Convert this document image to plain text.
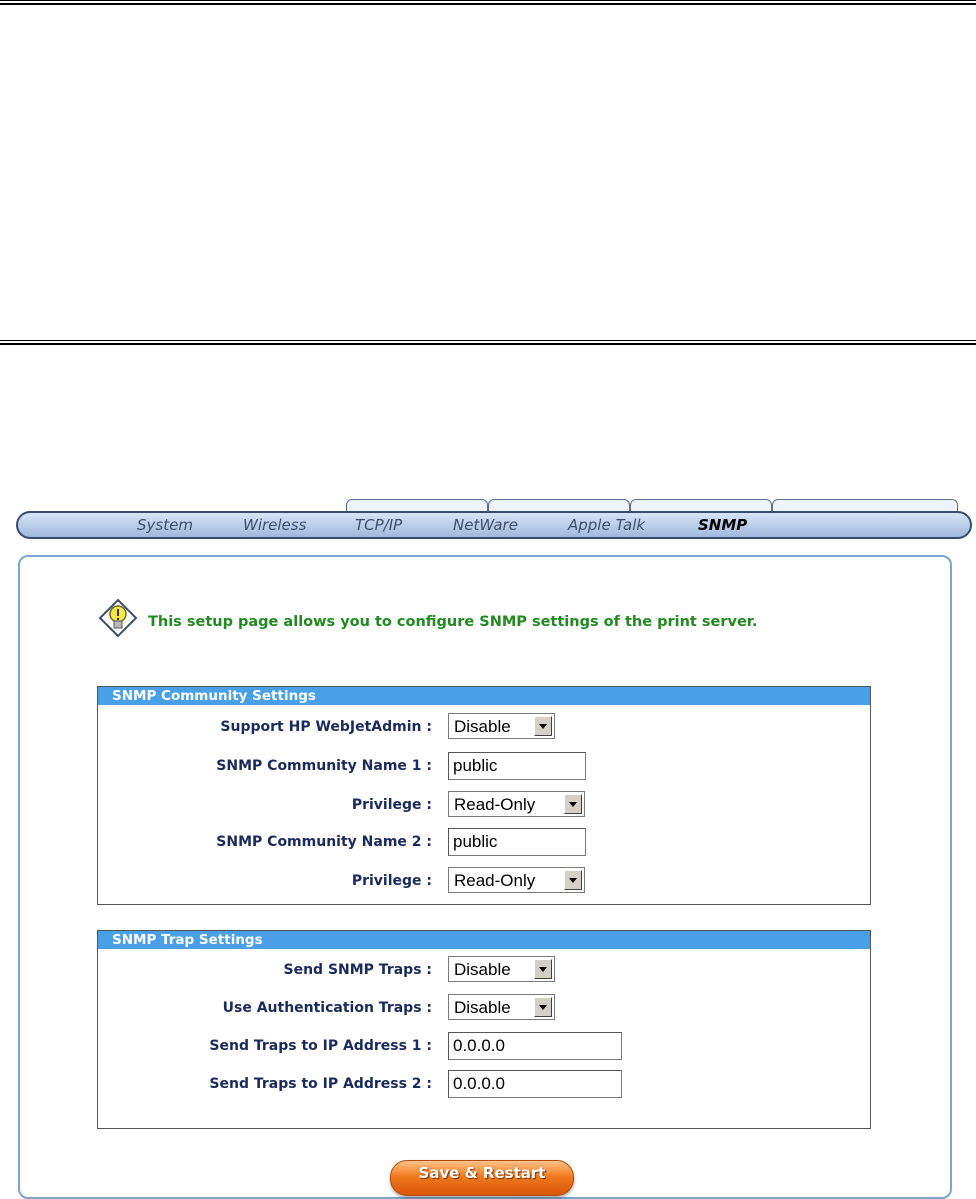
System	Wireless	TCP/IP	NetWare	Apple Talk	SNMP
This setup page allows you to configure SNMP settings of the print server.
SNMP Community Settings
Support HP WebJetAdmin : Disable
SNMP Community Name 1 :
public
Privilege : Read-Only
SNMP Community Name 2 :
public
Privilege : Read-Only
SNMP Trap Settings
Send SNMP Traps : Disable
Use Authentication Traps : Disable
Send Traps to IP Address 1 :
0.0.0.0
Send Traps to IP Address 2 :
0.0.0.0
Save & Restart
